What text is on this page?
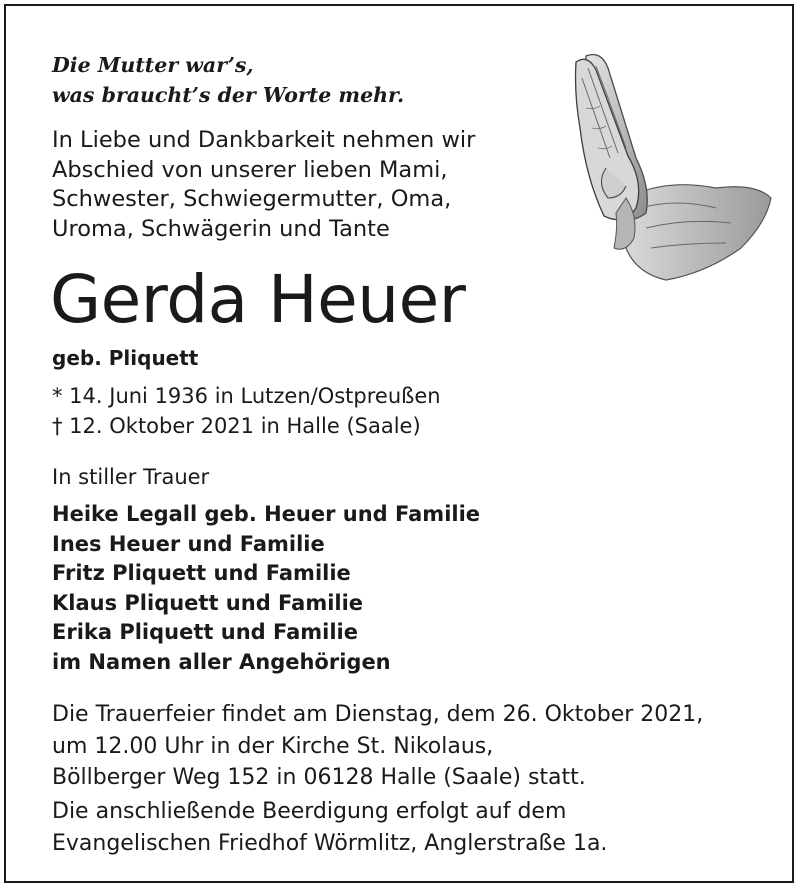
Die Mutter war’s,
was braucht’s der Worte mehr.
In Liebe und Dankbarkeit nehmen wir
Abschied von unserer lieben Mami,
Schwester, Schwiegermutter, Oma,
Uroma, Schwägerin und Tante
Gerda Heuer
geb. Pliquett
* 14. Juni 1936 in Lutzen/Ostpreußen
† 12. Oktober 2021 in Halle (Saale)
In stiller Trauer
Heike Legall geb. Heuer und Familie
Ines Heuer und Familie
Fritz Pliquett und Familie
Klaus Pliquett und Familie
Erika Pliquett und Familie
im Namen aller Angehörigen
Die Trauerfeier findet am Dienstag, dem 26. Oktober 2021,
um 12.00 Uhr in der Kirche St. Nikolaus,
Böllberger Weg 152 in 06128 Halle (Saale) statt.
Die anschließende Beerdigung erfolgt auf dem
Evangelischen Friedhof Wörmlitz, Anglerstraße 1a.
